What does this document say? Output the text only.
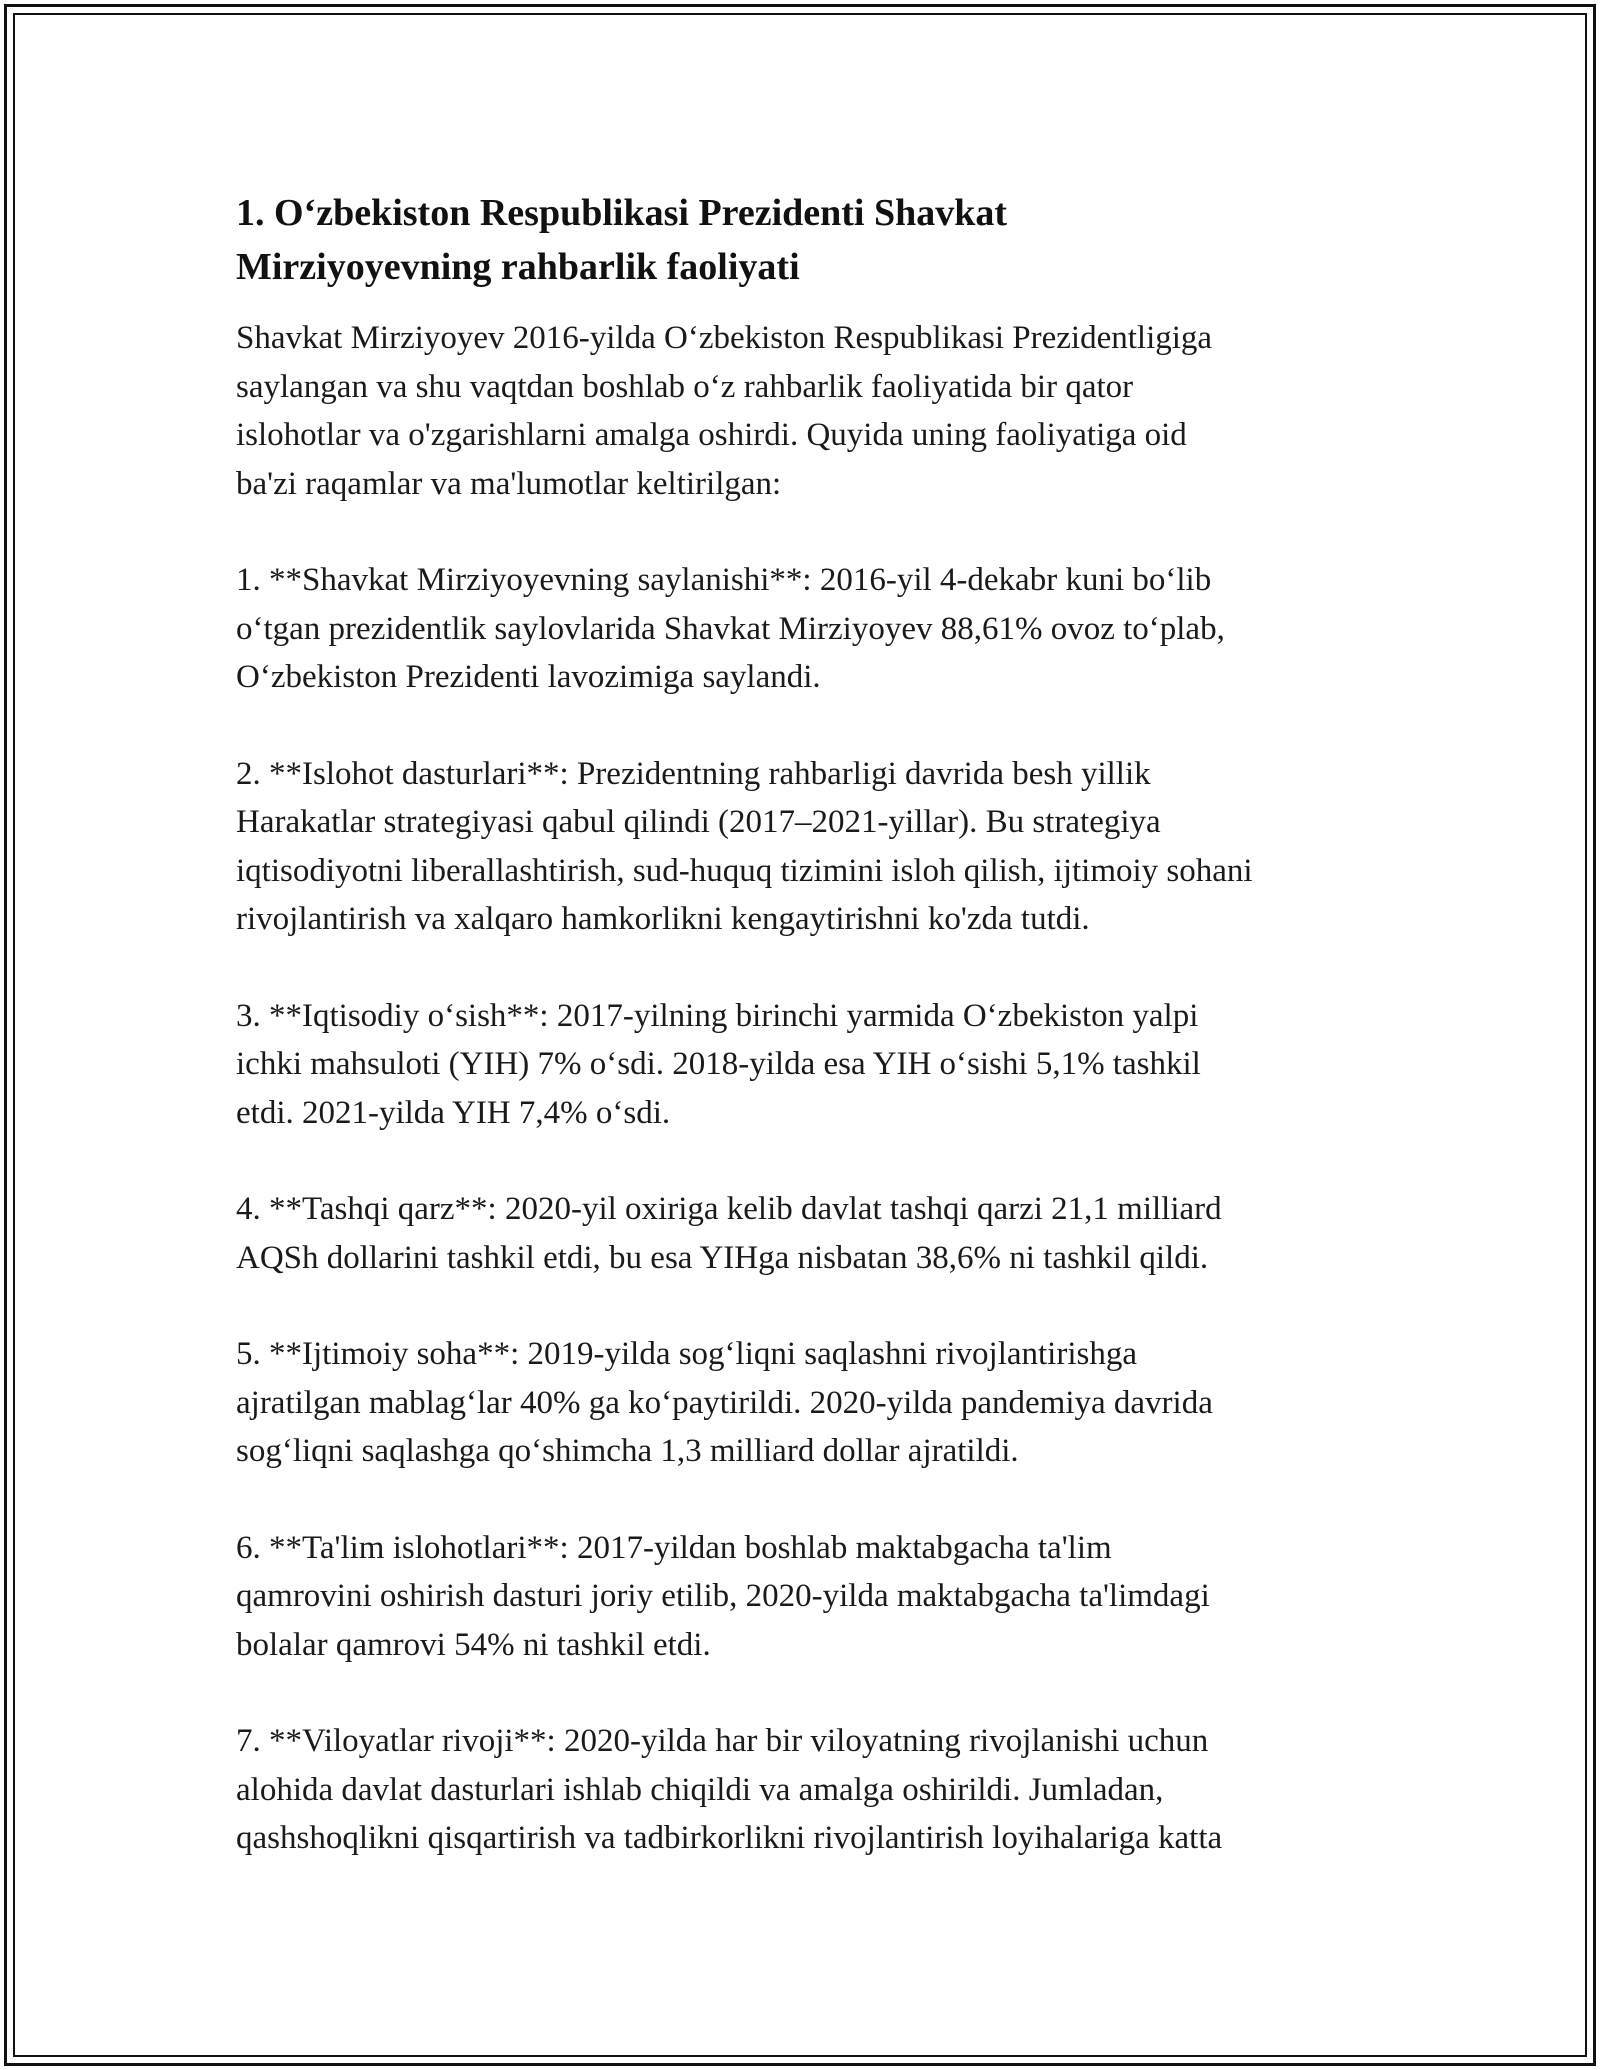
1. O‘zbekiston Respublikasi Prezidenti Shavkat
Mirziyoyevning rahbarlik faoliyati

Shavkat Mirziyoyev 2016-yilda O‘zbekiston Respublikasi Prezidentligiga
saylangan va shu vaqtdan boshlab o‘z rahbarlik faoliyatida bir qator
islohotlar va o'zgarishlarni amalga oshirdi. Quyida uning faoliyatiga oid
ba'zi raqamlar va ma'lumotlar keltirilgan:

1. **Shavkat Mirziyoyevning saylanishi**: 2016-yil 4-dekabr kuni bo‘lib
o‘tgan prezidentlik saylovlarida Shavkat Mirziyoyev 88,61% ovoz to‘plab,
O‘zbekiston Prezidenti lavozimiga saylandi.

2. **Islohot dasturlari**: Prezidentning rahbarligi davrida besh yillik
Harakatlar strategiyasi qabul qilindi (2017–2021-yillar). Bu strategiya
iqtisodiyotni liberallashtirish, sud-huquq tizimini isloh qilish, ijtimoiy sohani
rivojlantirish va xalqaro hamkorlikni kengaytirishni ko'zda tutdi.

3. **Iqtisodiy o‘sish**: 2017-yilning birinchi yarmida O‘zbekiston yalpi
ichki mahsuloti (YIH) 7% o‘sdi. 2018-yilda esa YIH o‘sishi 5,1% tashkil
etdi. 2021-yilda YIH 7,4% o‘sdi.

4. **Tashqi qarz**: 2020-yil oxiriga kelib davlat tashqi qarzi 21,1 milliard
AQSh dollarini tashkil etdi, bu esa YIHga nisbatan 38,6% ni tashkil qildi.

5. **Ijtimoiy soha**: 2019-yilda sog‘liqni saqlashni rivojlantirishga
ajratilgan mablag‘lar 40% ga ko‘paytirildi. 2020-yilda pandemiya davrida
sog‘liqni saqlashga qo‘shimcha 1,3 milliard dollar ajratildi.

6. **Ta'lim islohotlari**: 2017-yildan boshlab maktabgacha ta'lim
qamrovini oshirish dasturi joriy etilib, 2020-yilda maktabgacha ta'limdagi
bolalar qamrovi 54% ni tashkil etdi.

7. **Viloyatlar rivoji**: 2020-yilda har bir viloyatning rivojlanishi uchun
alohida davlat dasturlari ishlab chiqildi va amalga oshirildi. Jumladan,
qashshoqlikni qisqartirish va tadbirkorlikni rivojlantirish loyihalariga katta
